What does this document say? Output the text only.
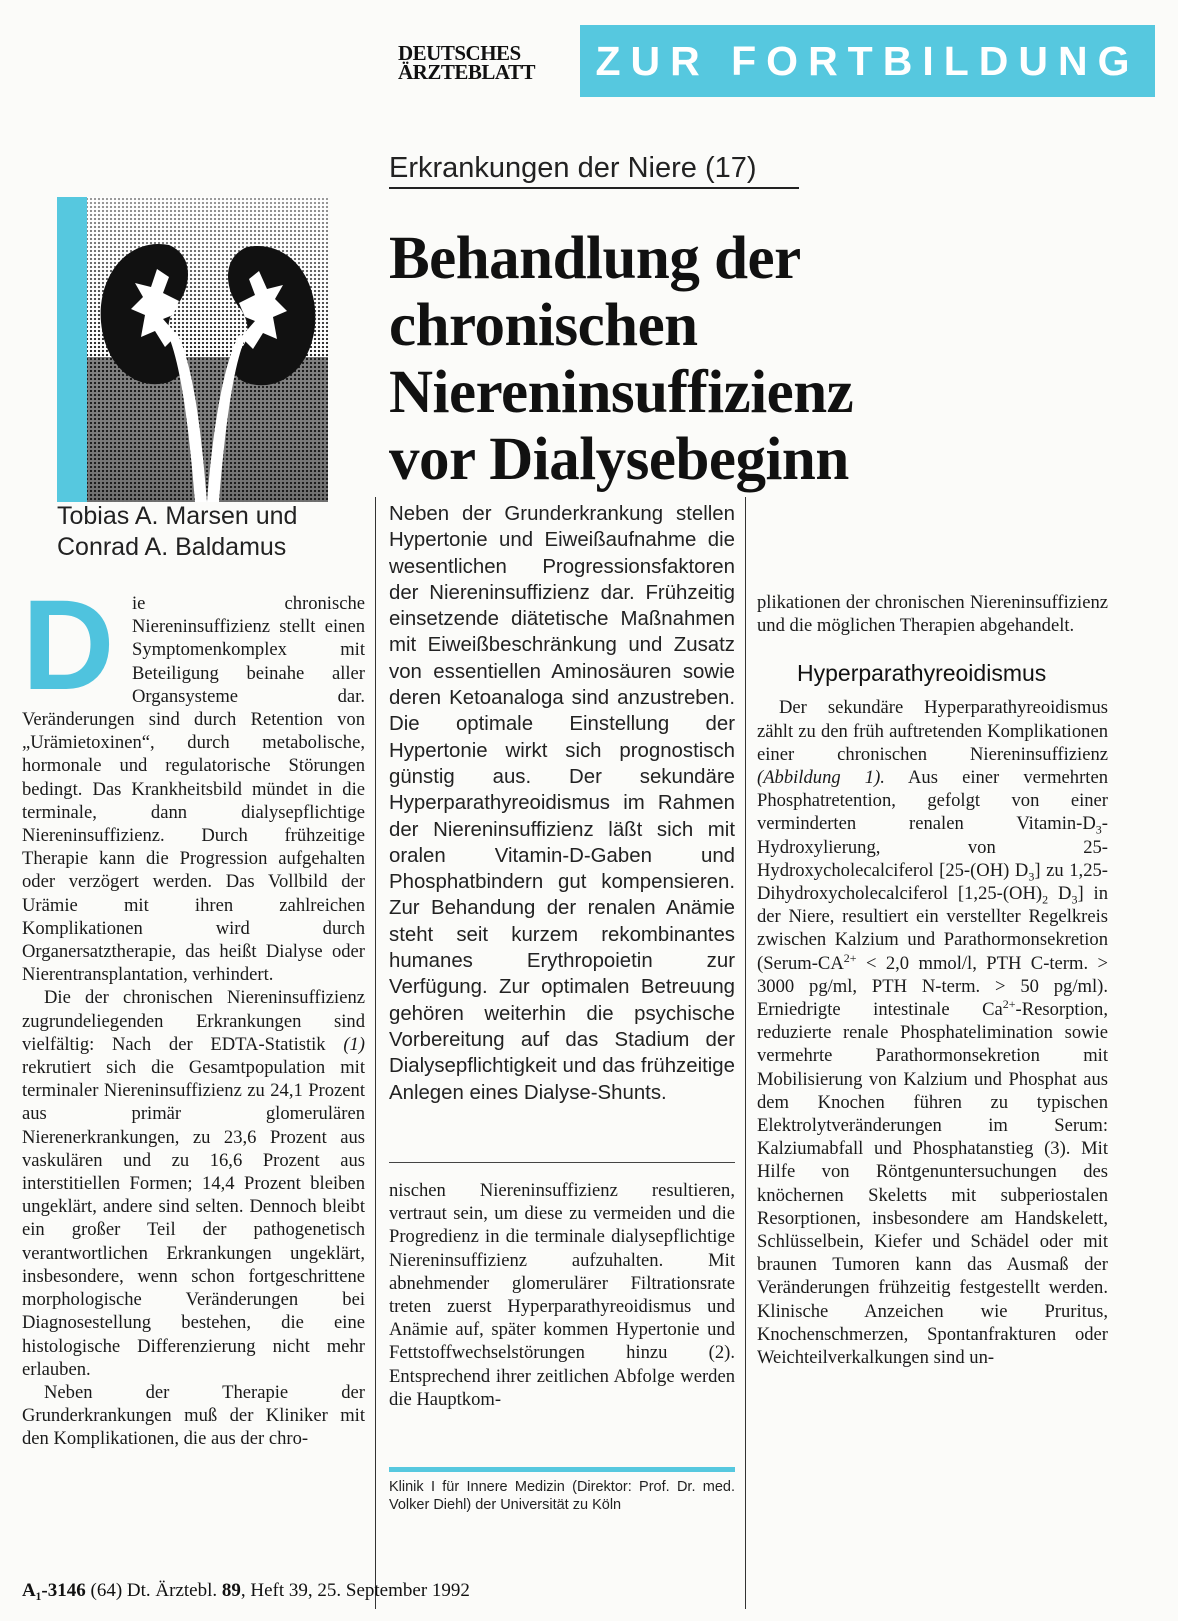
DEUTSCHES
ÄRZTEBLATT	ZUR FORTBILDUNG
Erkrankungen der Niere (17)
Behandlung der
chronischen
Niereninsuffizienz
vor Dialysebeginn
Tobias A. Marsen und
Conrad A. Baldamus
D ie chronische Niereninsuffizienz stellt einen Symptomenkomplex mit Beteiligung beinahe aller Organsysteme dar. Veränderungen sind durch Retention von „Urämietoxinen“, durch metabolische, hormonale und regulatorische Störungen bedingt. Das Krankheitsbild mündet in die terminale, dann dialysepflichtige Niereninsuffizienz. Durch frühzeitige Therapie kann die Progression aufgehalten oder verzögert werden. Das Vollbild der Urämie mit ihren zahlreichen Komplikationen wird durch Organersatztherapie, das heißt Dialyse oder Nierentransplantation, verhindert.

Die der chronischen Niereninsuffizienz zugrundeliegenden Erkrankungen sind vielfältig: Nach der EDTA-Statistik (1) rekrutiert sich die Gesamtpopulation mit terminaler Niereninsuffizienz zu 24,1 Prozent aus primär glomerulären Nierenerkrankungen, zu 23,6 Prozent aus vaskulären und zu 16,6 Prozent aus interstitiellen Formen; 14,4 Prozent bleiben ungeklärt, andere sind selten. Dennoch bleibt ein großer Teil der pathogenetisch verantwortlichen Erkrankungen ungeklärt, insbesondere, wenn schon fortgeschrittene morphologische Veränderungen bei Diagnosestellung bestehen, die eine histologische Differenzierung nicht mehr erlauben.

Neben der Therapie der Grunderkrankungen muß der Kliniker mit den Komplikationen, die aus der chro-

Neben der Grunderkrankung stellen Hypertonie und Eiweißaufnahme die wesentlichen Progressionsfaktoren der Niereninsuffizienz dar. Frühzeitig einsetzende diätetische Maßnahmen mit Eiweißbeschränkung und Zusatz von essentiellen Aminosäuren sowie deren Ketoanaloga sind anzustreben. Die optimale Einstellung der Hypertonie wirkt sich prognostisch günstig aus. Der sekundäre Hyperparathyreoidismus im Rahmen der Niereninsuffizienz läßt sich mit oralen Vitamin-D-Gaben und Phosphatbindern gut kompensieren. Zur Behandung der renalen Anämie steht seit kurzem rekombinantes humanes Erythropoietin zur Verfügung. Zur optimalen Betreuung gehören weiterhin die psychische Vorbereitung auf das Stadium der Dialysepflichtigkeit und das frühzeitige Anlegen eines Dialyse-Shunts.

nischen Niereninsuffizienz resultieren, vertraut sein, um diese zu vermeiden und die Progredienz in die terminale dialysepflichtige Niereninsuffizienz aufzuhalten. Mit abnehmender glomerulärer Filtrationsrate treten zuerst Hyperparathyreoidismus und Anämie auf, später kommen Hypertonie und Fettstoffwechselstörungen hinzu (2). Entsprechend ihrer zeitlichen Abfolge werden die Hauptkom-

Klinik I für Innere Medizin (Direktor: Prof. Dr. med. Volker Diehl) der Universität zu Köln

plikationen der chronischen Niereninsuffizienz und die möglichen Therapien abgehandelt.

Hyperparathyreoidismus

Der sekundäre Hyperparathyreoidismus zählt zu den früh auftretenden Komplikationen einer chronischen Niereninsuffizienz (Abbildung 1). Aus einer vermehrten Phosphatretention, gefolgt von einer verminderten renalen Vitamin-$D_3$-Hydroxylierung, von 25-Hydroxycholecalciferol [25-(OH) $D_3$] zu 1,25-Dihydroxycholecalciferol [$1,25-(OH)_2$ $D_3$] in der Niere, resultiert ein verstellter Regelkreis zwischen Kalzium und Parathormonsekretion ($Serum-CA^{2+} < 2,0$ mmol/l, PTH C-term. > 3000 pg/ml, PTH N-term. > 50 pg/ml). Erniedrigte intestinale $Ca^{2+}$-Resorption, reduzierte renale Phosphatelimination sowie vermehrte Parathormonsekretion mit Mobilisierung von Kalzium und Phosphat aus dem Knochen führen zu typischen Elektrolytveränderungen im Serum: Kalziumabfall und Phosphatanstieg (3). Mit Hilfe von Röntgenuntersuchungen des knöchernen Skeletts mit subperiostalen Resorptionen, insbesondere am Handskelett, Schlüsselbein, Kiefer und Schädel oder mit braunen Tumoren kann das Ausmaß der Veränderungen frühzeitig festgestellt werden. Klinische Anzeichen wie Pruritus, Knochenschmerzen, Spontanfrakturen oder Weichteilverkalkungen sind un-

A₁-3146 (64) Dt. Ärztebl. 89, Heft 39, 25. September 1992
